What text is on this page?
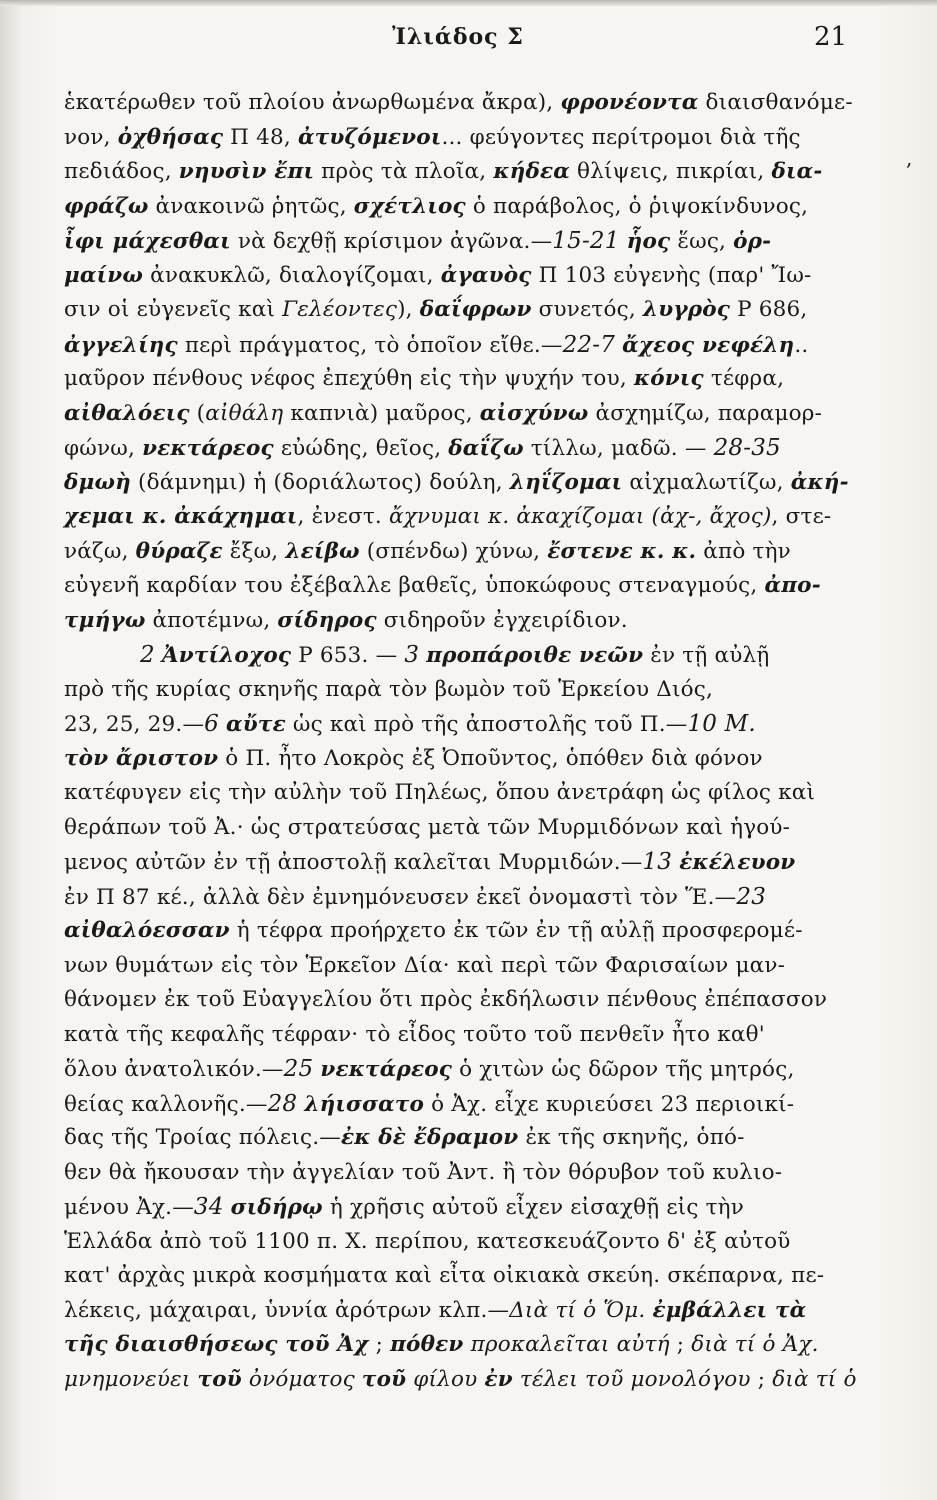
Ἰλιάδος Σ	21
,
ἑκατέρωθεν τοῦ πλοίου ἀνωρθωμένα ἄκρα), φρονέοντα διαισθανόμε-
νον, ὀχθήσας Π 48, ἀτυζόμενοι... φεύγοντες περίτρομοι διὰ τῆς
πεδιάδος, νηυσὶν ἔπι πρὸς τὰ πλοῖα, κήδεα θλίψεις, πικρίαι, δια-
φράζω ἀνακοινῶ ῥητῶς, σχέτλιος ὁ παράβολος, ὁ ῥιψοκίνδυνος,
ἶφι μάχεσθαι νὰ δεχθῇ κρίσιμον ἀγῶνα.—15-21 ἧος ἕως, ὁρ-
μαίνω ἀνακυκλῶ, διαλογίζομαι, ἀγαυὸς Π 103 εὐγενὴς (παρ' Ἴω-
σιν οἱ εὐγενεῖς καὶ Γελέοντες), δαΐφρων συνετός, λυγρὸς Ρ 686,
ἀγγελίης περὶ πράγματος, τὸ ὁποῖον εἴθε.—22-7 ἄχεος νεφέλη..
μαῦρον πένθους νέφος ἐπεχύθη εἰς τὴν ψυχήν του, κόνις τέφρα,
αἰθαλόεις (αἰθάλη καπνιὰ) μαῦρος, αἰσχύνω ἀσχημίζω, παραμορ-
φώνω, νεκτάρεος εὐώδης, θεῖος, δαΐζω τίλλω, μαδῶ. — 28-35
δμωὴ (δάμνημι) ἡ (δοριάλωτος) δούλη, ληΐζομαι αἰχμαλωτίζω, ἀκή-
χεμαι κ. ἀκάχημαι, ἐνεστ. ἄχνυμαι κ. ἀκαχίζομαι (ἀχ-, ἄχος), στε-
νάζω, θύραζε ἔξω, λείβω (σπένδω) χύνω, ἔστενε κ. κ. ἀπὸ τὴν
εὐγενῆ καρδίαν του ἐξέβαλλε βαθεῖς, ὑποκώφους στεναγμούς, ἀπο-
τμήγω ἀποτέμνω, σίδηρος σιδηροῦν ἐγχειρίδιον.
2 Ἀντίλοχος Ρ 653. — 3 προπάροιθε νεῶν ἐν τῇ αὐλῇ
πρὸ τῆς κυρίας σκηνῆς παρὰ τὸν βωμὸν τοῦ Ἑρκείου Διός,
23, 25, 29.—6 αὔτε ὡς καὶ πρὸ τῆς ἀποστολῆς τοῦ Π.—10 Μ.
τὸν ἄριστον ὁ Π. ἦτο Λοκρὸς ἐξ Ὀποῦντος, ὁπόθεν διὰ φόνον
κατέφυγεν εἰς τὴν αὐλὴν τοῦ Πηλέως, ὅπου ἀνετράφη ὡς φίλος καὶ
θεράπων τοῦ Ἀ.· ὡς στρατεύσας μετὰ τῶν Μυρμιδόνων καὶ ἡγού-
μενος αὐτῶν ἐν τῇ ἀποστολῇ καλεῖται Μυρμιδών.—13 ἐκέλευον
ἐν Π 87 κέ., ἀλλὰ δὲν ἐμνημόνευσεν ἐκεῖ ὀνομαστὶ τὸν Ἕ.—23
αἰθαλόεσσαν ἡ τέφρα προήρχετο ἐκ τῶν ἐν τῇ αὐλῇ προσφερομέ-
νων θυμάτων εἰς τὸν Ἑρκεῖον Δία· καὶ περὶ τῶν Φαρισαίων μαν-
θάνομεν ἐκ τοῦ Εὐαγγελίου ὅτι πρὸς ἐκδήλωσιν πένθους ἐπέπασσον
κατὰ τῆς κεφαλῆς τέφραν· τὸ εἶδος τοῦτο τοῦ πενθεῖν ἦτο καθ'
ὅλου ἀνατολικόν.—25 νεκτάρεος ὁ χιτὼν ὡς δῶρον τῆς μητρός,
θείας καλλονῆς.—28 λήισσατο ὁ Ἀχ. εἶχε κυριεύσει 23 περιοικί-
δας τῆς Τροίας πόλεις.—ἐκ δὲ ἔδραμον ἐκ τῆς σκηνῆς, ὁπό-
θεν θὰ ἤκουσαν τὴν ἀγγελίαν τοῦ Ἀντ. ἢ τὸν θόρυβον τοῦ κυλιο-
μένου Ἀχ.—34 σιδήρῳ ἡ χρῆσις αὐτοῦ εἶχεν εἰσαχθῇ εἰς τὴν
Ἑλλάδα ἀπὸ τοῦ 1100 π. Χ. περίπου, κατεσκευάζοντο δ' ἐξ αὐτοῦ
κατ' ἀρχὰς μικρὰ κοσμήματα καὶ εἶτα οἰκιακὰ σκεύη. σκέπαρνα, πε-
λέκεις, μάχαιραι, ὑννία ἀρότρων κλπ.—Διὰ τί ὁ Ὅμ. ἐμβάλλει τὰ
τῆς διαισθήσεως τοῦ Ἀχ ; πόθεν προκαλεῖται αὐτή ; διὰ τί ὁ Ἀχ.
μνημονεύει τοῦ ὀνόματος τοῦ φίλου ἐν τέλει τοῦ μονολόγου ; διὰ τί ὁ
